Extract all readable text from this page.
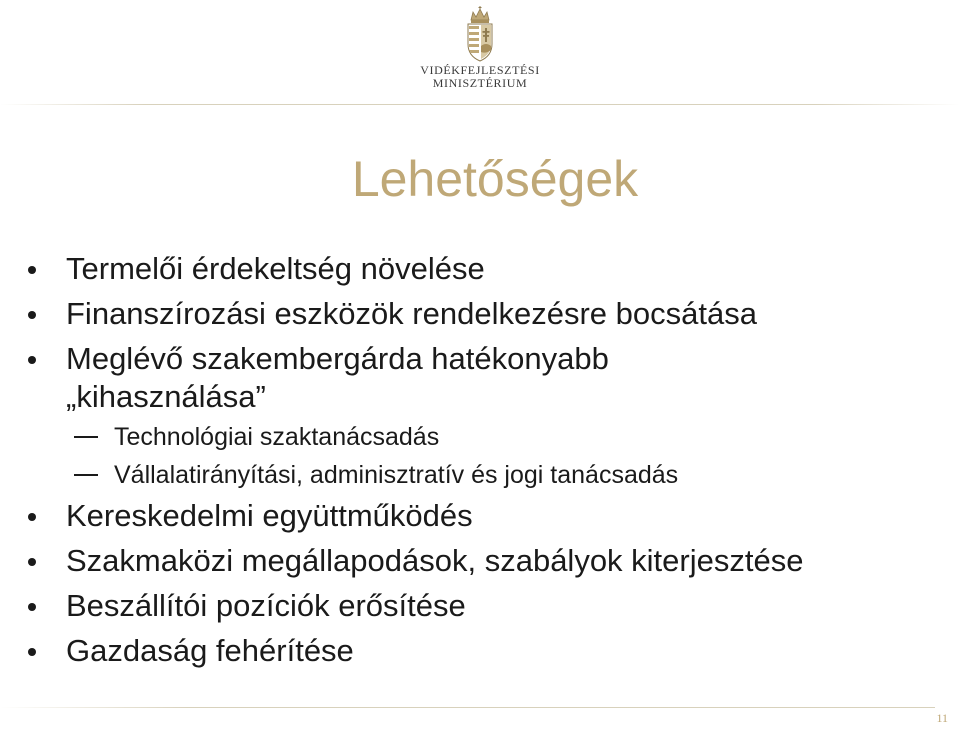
VIDÉKFEJLESZTÉSI
MINISZTÉRIUM
Lehetőségek
Termelői érdekeltség növelése
Finanszírozási eszközök rendelkezésre bocsátása
Meglévő szakembergárda hatékonyabb „kihasználása”
Technológiai szaktanácsadás
Vállalatirányítási, adminisztratív és jogi tanácsadás
Kereskedelmi együttműködés
Szakmaközi megállapodások, szabályok kiterjesztése
Beszállítói pozíciók erősítése
Gazdaság fehérítése
11
